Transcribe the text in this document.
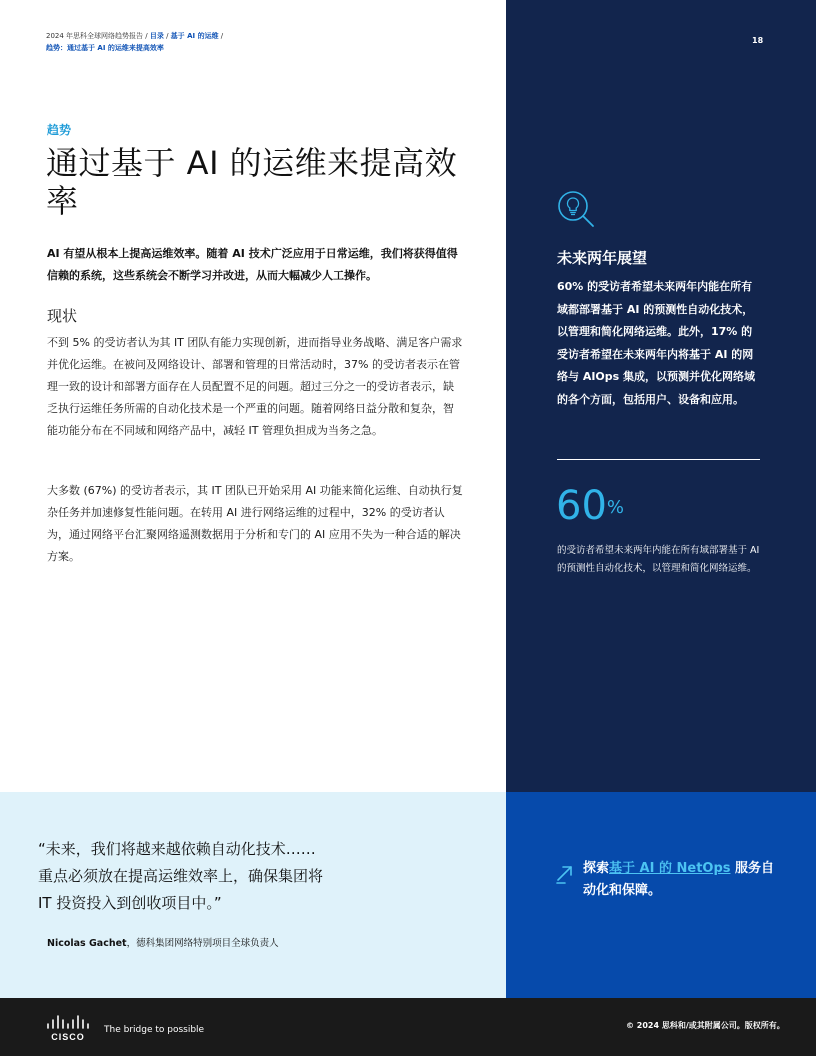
2024 年思科全球网络趋势报告 / 目录 / 基于 AI 的运维 /
趋势：通过基于 AI 的运维来提高效率
18
趋势
通过基于 AI 的运维来提高效率
AI 有望从根本上提高运维效率。随着 AI 技术广泛应用于日常运维，我们将获得值得信赖的系统，这些系统会不断学习并改进，从而大幅减少人工操作。
现状
不到 5% 的受访者认为其 IT 团队有能力实现创新，进而指导业务战略、满足客户需求并优化运维。在被问及网络设计、部署和管理的日常活动时，37% 的受访者表示在管理一致的设计和部署方面存在人员配置不足的问题。超过三分之一的受访者表示，缺乏执行运维任务所需的自动化技术是一个严重的问题。随着网络日益分散和复杂，智能功能分布在不同域和网络产品中，减轻 IT 管理负担成为当务之急。
大多数 (67%) 的受访者表示，其 IT 团队已开始采用 AI 功能来简化运维、自动执行复杂任务并加速修复性能问题。在转用 AI 进行网络运维的过程中，32% 的受访者认为，通过网络平台汇聚网络遥测数据用于分析和专门的 AI 应用不失为一种合适的解决方案。
未来两年展望
60% 的受访者希望未来两年内能在所有域都部署基于 AI 的预测性自动化技术，以管理和简化网络运维。此外，17% 的受访者希望在未来两年内将基于 AI 的网络与 AIOps 集成，以预测并优化网络域的各个方面，包括用户、设备和应用。
60%
的受访者希望未来两年内能在所有域部署基于 AI 的预测性自动化技术，以管理和简化网络运维。
“未来，我们将越来越依赖自动化技术……
重点必须放在提高运维效率上，确保集团将
IT 投资投入到创收项目中。”
Nicolas Gachet，德科集团网络特别项目全球负责人
探索基于 AI 的 NetOps 服务自动化和保障。
CISCO
The bridge to possible	© 2024 思科和/或其附属公司。版权所有。
